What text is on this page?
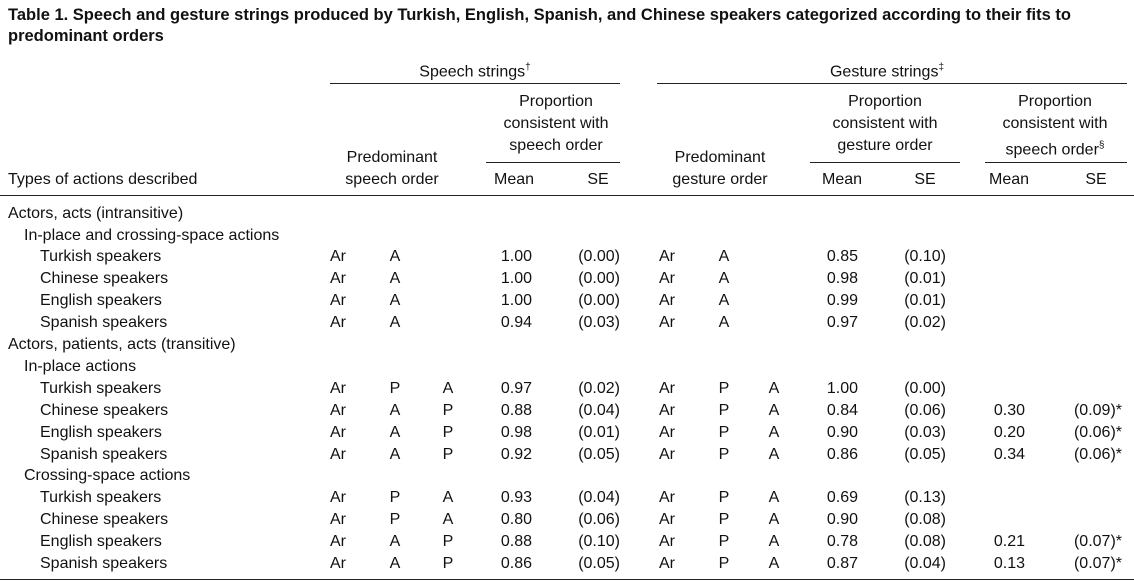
Table 1. Speech and gesture strings produced by Turkish, English, Spanish, and Chinese speakers categorized according to their fits to predominant orders
Speech strings†	Gesture strings‡
Proportion
consistent with
speech order
Proportion
consistent with
gesture order
Proportion
consistent with
speech order§
Predominant
speech order
Predominant
gesture order
Types of actions described	Mean	SE	Mean	SE	Mean	SE
Actors, acts (intransitive)
In-place and crossing-space actions
Actors, patients, acts (transitive)
In-place actions
Crossing-space actions
Turkish speakers	Ar	A	1.00	(0.00) Ar	A	0.85	(0.10)
Chinese speakers	Ar	A	1.00	(0.00) Ar	A	0.98	(0.01)
English speakers	Ar	A	1.00	(0.00) Ar	A	0.99	(0.01)
Spanish speakers	Ar	A	0.94	(0.03) Ar	A	0.97	(0.02)
Turkish speakers	Ar	P	A	0.97	(0.02) Ar	P	A	1.00	(0.00)
Chinese speakers	Ar	A	P	0.88	(0.04) Ar	P	A	0.84	(0.06)	0.30	(0.09)*
English speakers	Ar	A	P	0.98	(0.01) Ar	P	A	0.90	(0.03)	0.20	(0.06)*
Spanish speakers	Ar	A	P	0.92	(0.05) Ar	P	A	0.86	(0.05)	0.34	(0.06)*
Turkish speakers	Ar	P	A	0.93	(0.04) Ar	P	A	0.69	(0.13)
Chinese speakers	Ar	P	A	0.80	(0.06) Ar	P	A	0.90	(0.08)
English speakers	Ar	A	P	0.88	(0.10) Ar	P	A	0.78	(0.08)	0.21	(0.07)*
Spanish speakers	Ar	A	P	0.86	(0.05) Ar	P	A	0.87	(0.04)	0.13	(0.07)*
